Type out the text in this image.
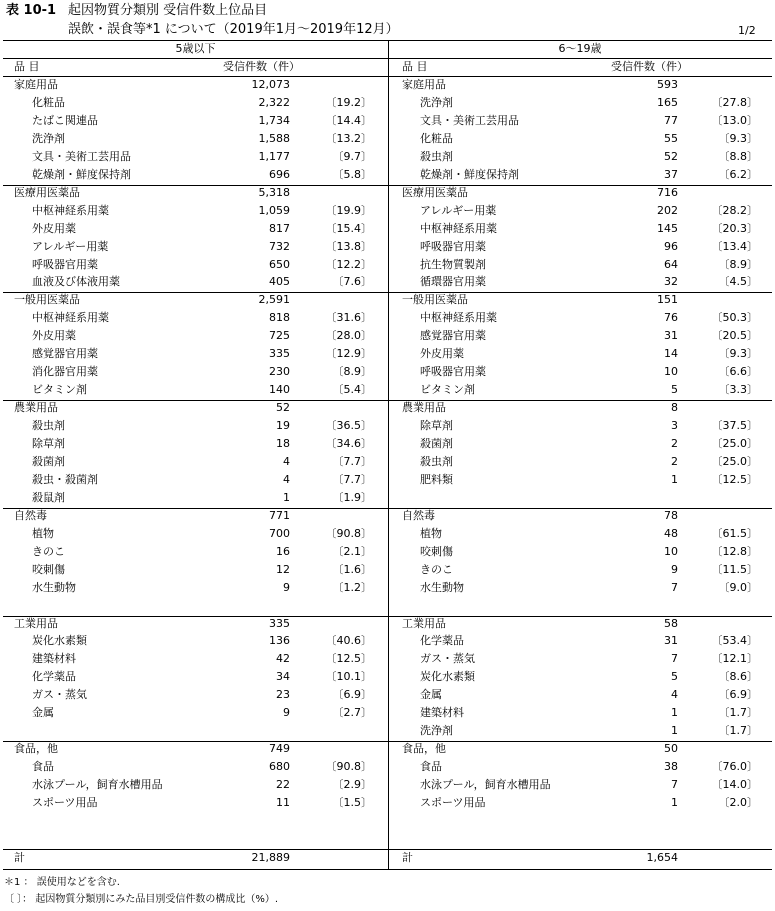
表 10-1 起因物質分類別 受信件数上位品目
誤飲・誤食等*1 について（2019年1月～2019年12月）	1/2
5歳以下
品 目	受信件数（件）
家庭用品	12,073
化粧品	2,322	〔19.2〕
たばこ関連品	1,734	〔14.4〕
洗浄剤	1,588	〔13.2〕
文具・美術工芸用品	1,177	〔9.7〕
乾燥剤・鮮度保持剤	696	〔5.8〕
医療用医薬品	5,318
中枢神経系用薬	1,059	〔19.9〕
外皮用薬	817	〔15.4〕
アレルギー用薬	732	〔13.8〕
呼吸器官用薬	650	〔12.2〕
血液及び体液用薬	405	〔7.6〕
一般用医薬品	2,591
中枢神経系用薬	818	〔31.6〕
外皮用薬	725	〔28.0〕
感覚器官用薬	335	〔12.9〕
消化器官用薬	230	〔8.9〕
ビタミン剤	140	〔5.4〕
農業用品	52
殺虫剤	19	〔36.5〕
除草剤	18	〔34.6〕
殺菌剤	4	〔7.7〕
殺虫・殺菌剤	4	〔7.7〕
殺鼠剤	1	〔1.9〕
自然毒	771
植物	700	〔90.8〕
きのこ	16	〔2.1〕
咬刺傷	12	〔1.6〕
水生動物	9	〔1.2〕
工業用品	335
炭化水素類	136	〔40.6〕
建築材料	42	〔12.5〕
化学薬品	34	〔10.1〕
ガス・蒸気	23	〔6.9〕
金属	9	〔2.7〕
食品，他	749
食品	680	〔90.8〕
水泳プール，飼育水槽用品	22	〔2.9〕
スポーツ用品	11	〔1.5〕
計	21,889
6～19歳
品 目	受信件数（件）
家庭用品	593
洗浄剤	165	〔27.8〕
文具・美術工芸用品	77	〔13.0〕
化粧品	55	〔9.3〕
殺虫剤	52	〔8.8〕
乾燥剤・鮮度保持剤	37	〔6.2〕
医療用医薬品	716
アレルギー用薬	202	〔28.2〕
中枢神経系用薬	145	〔20.3〕
呼吸器官用薬	96	〔13.4〕
抗生物質製剤	64	〔8.9〕
循環器官用薬	32	〔4.5〕
一般用医薬品	151
中枢神経系用薬	76	〔50.3〕
感覚器官用薬	31	〔20.5〕
外皮用薬	14	〔9.3〕
呼吸器官用薬	10	〔6.6〕
ビタミン剤	5	〔3.3〕
農業用品	8
除草剤	3	〔37.5〕
殺菌剤	2	〔25.0〕
殺虫剤	2	〔25.0〕
肥料類	1	〔12.5〕
自然毒	78
植物	48	〔61.5〕
咬刺傷	10	〔12.8〕
きのこ	9	〔11.5〕
水生動物	7	〔9.0〕
工業用品	58
化学薬品	31	〔53.4〕
ガス・蒸気	7	〔12.1〕
炭化水素類	5	〔8.6〕
金属	4	〔6.9〕
建築材料	1	〔1.7〕
洗浄剤	1	〔1.7〕
食品，他	50
食品	38	〔76.0〕
水泳プール，飼育水槽用品	7	〔14.0〕
スポーツ用品	1	〔2.0〕
計	1,654
＊1 ： 誤使用などを含む.
〔 〕： 起因物質分類別にみた品目別受信件数の構成比（%）.
